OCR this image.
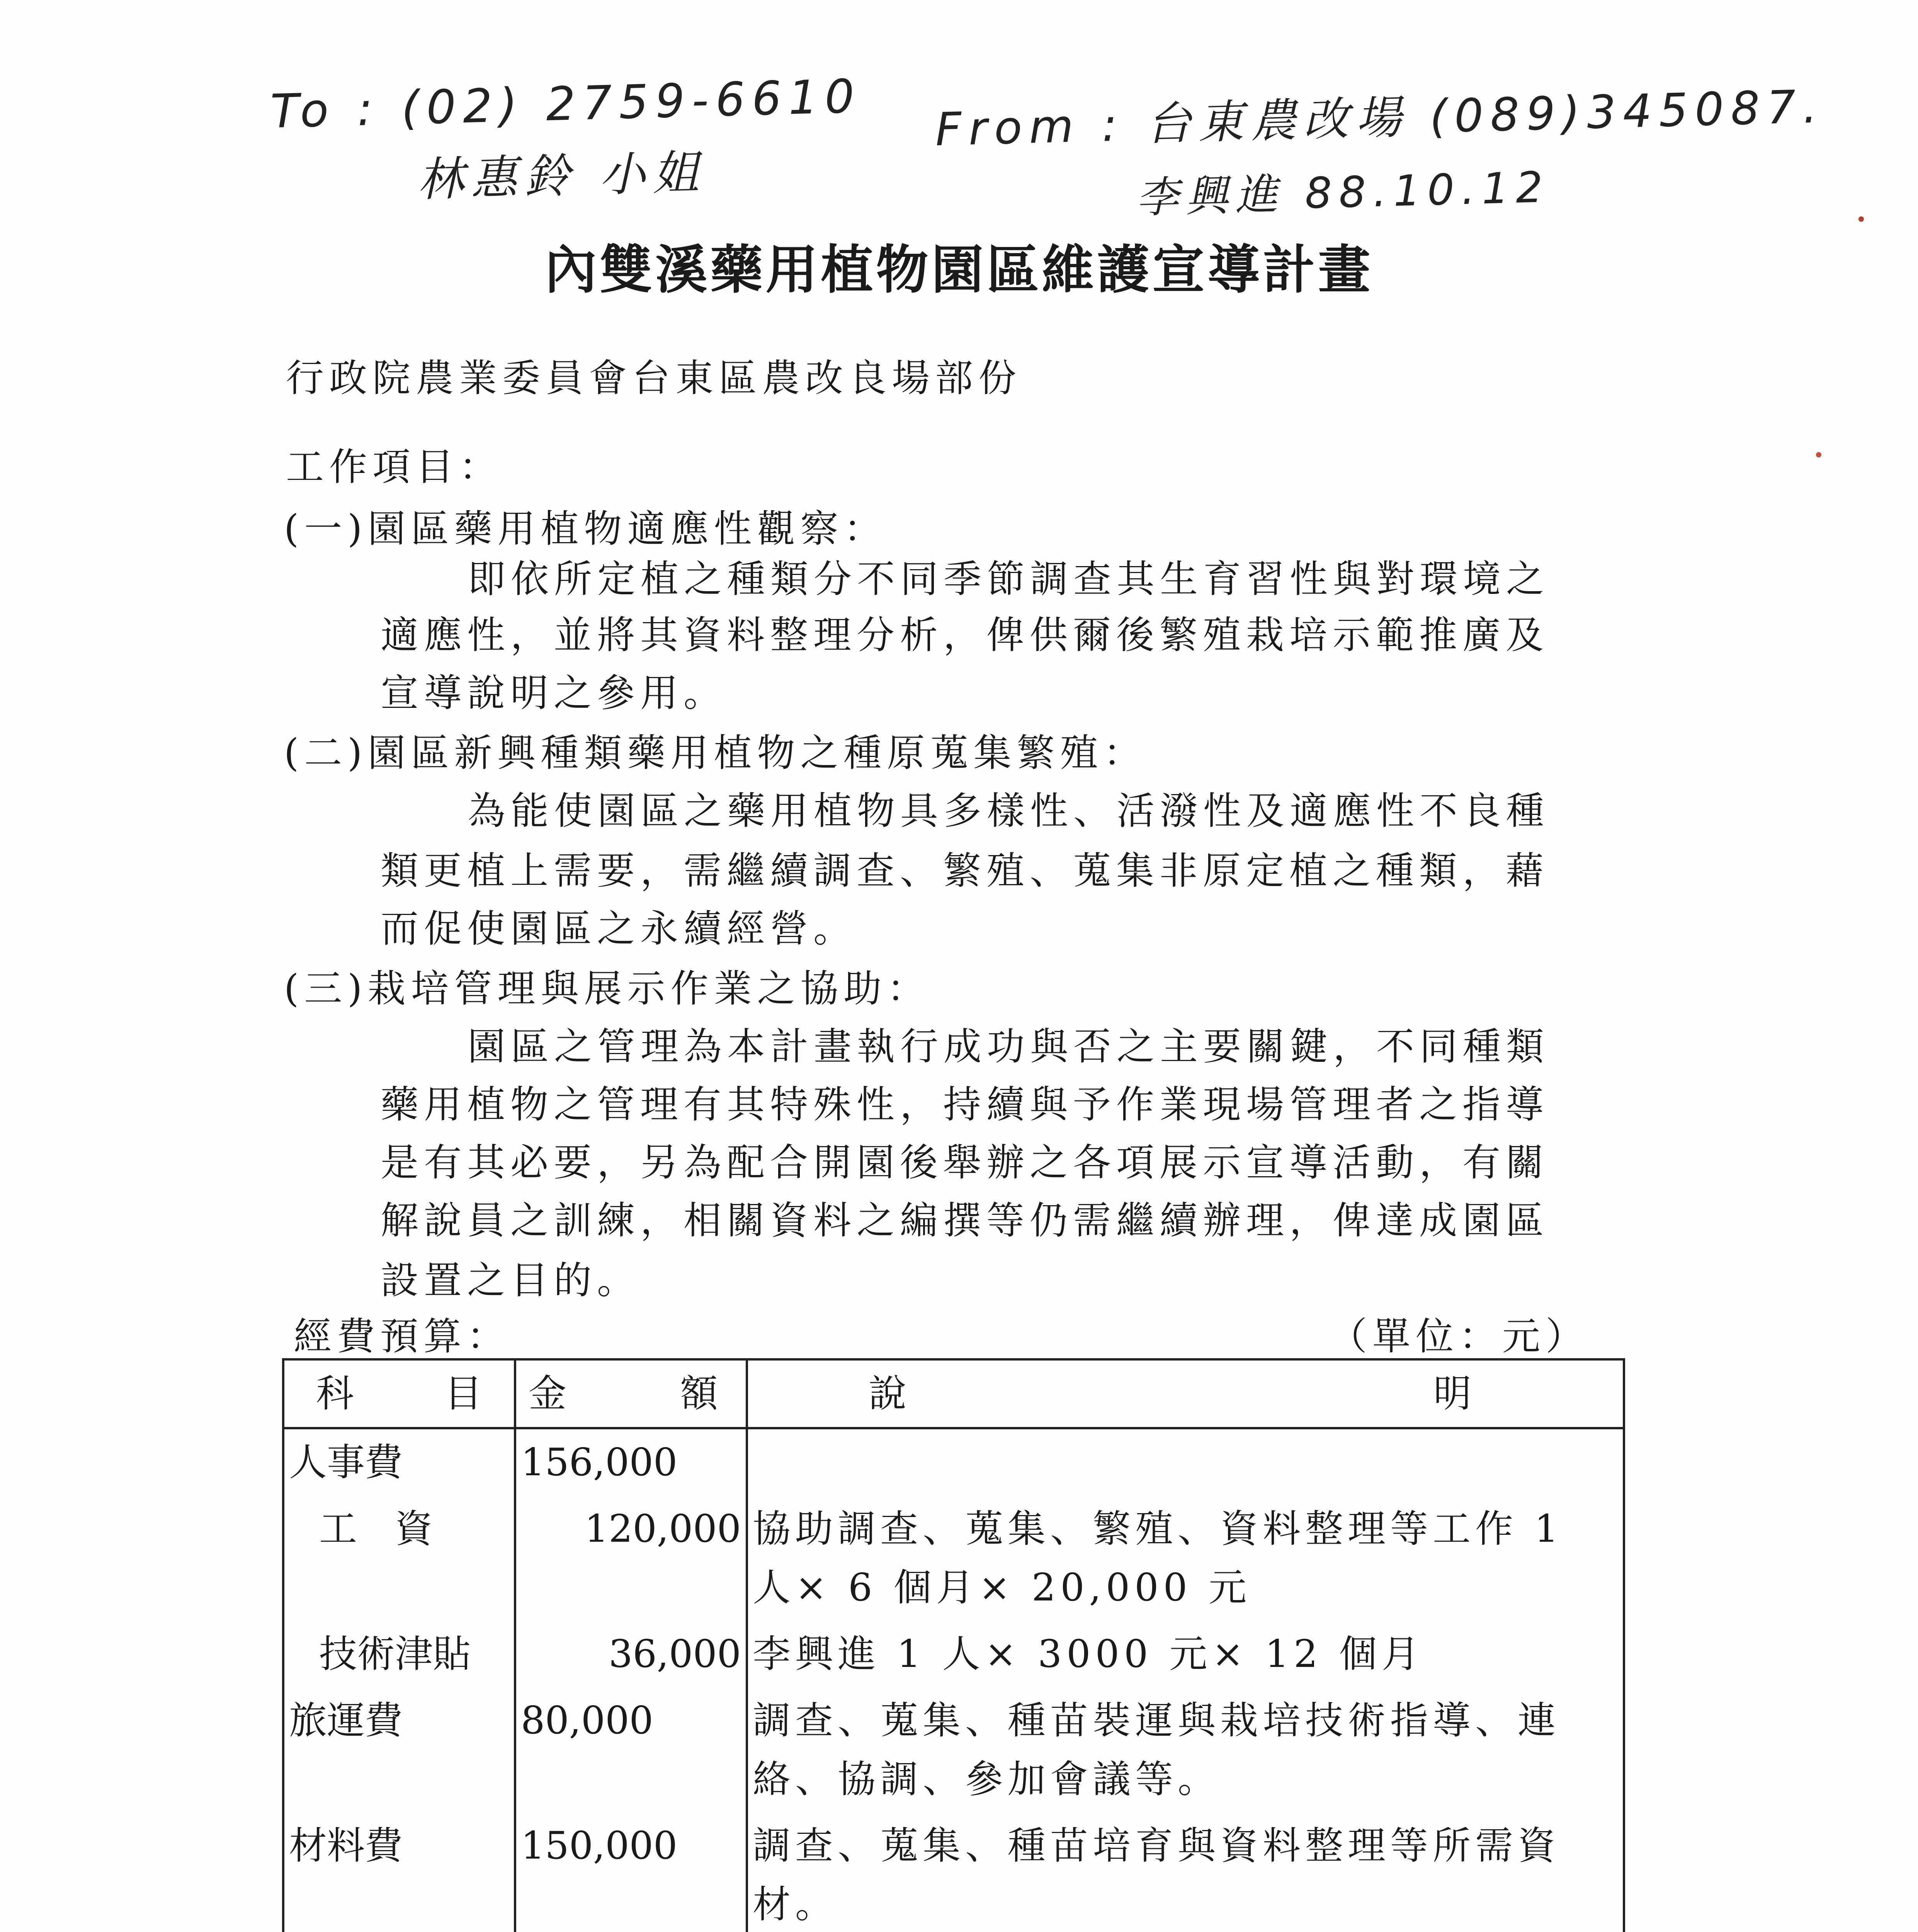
To : (02) 2759-6610
林惠鈴 小姐
From : 台東農改場 (089)345087.
李興進 88.10.12
內雙溪藥用植物園區維護宣導計畫
行政院農業委員會台東區農改良場部份
工作項目：
(一)園區藥用植物適應性觀察：
即依所定植之種類分不同季節調查其生育習性與對環境之
適應性，並將其資料整理分析，俾供爾後繁殖栽培示範推廣及
宣導說明之參用。
(二)園區新興種類藥用植物之種原蒐集繁殖：
為能使園區之藥用植物具多樣性、活潑性及適應性不良種
類更植上需要，需繼續調查、繁殖、蒐集非原定植之種類，藉
而促使園區之永續經營。
(三)栽培管理與展示作業之協助：
園區之管理為本計畫執行成功與否之主要關鍵，不同種類
藥用植物之管理有其特殊性，持續與予作業現場管理者之指導
是有其必要，另為配合開園後舉辦之各項展示宣導活動，有關
解說員之訓練，相關資料之編撰等仍需繼續辦理，俾達成園區
設置之目的。
經費預算：	（單位：元）
科 目	金 額	說 明

人事費	156,000	
工　資	120,000	協助調查、蒐集、繁殖、資料整理等工作 1 人× 6 個月× 20,000 元
技術津貼	36,000	李興進 1 人× 3000 元× 12 個月
旅運費	80,000	調查、蒐集、種苗裝運與栽培技術指導、連絡、協調、參加會議等。
材料費	150,000	調查、蒐集、種苗培育與資料整理等所需資材。
